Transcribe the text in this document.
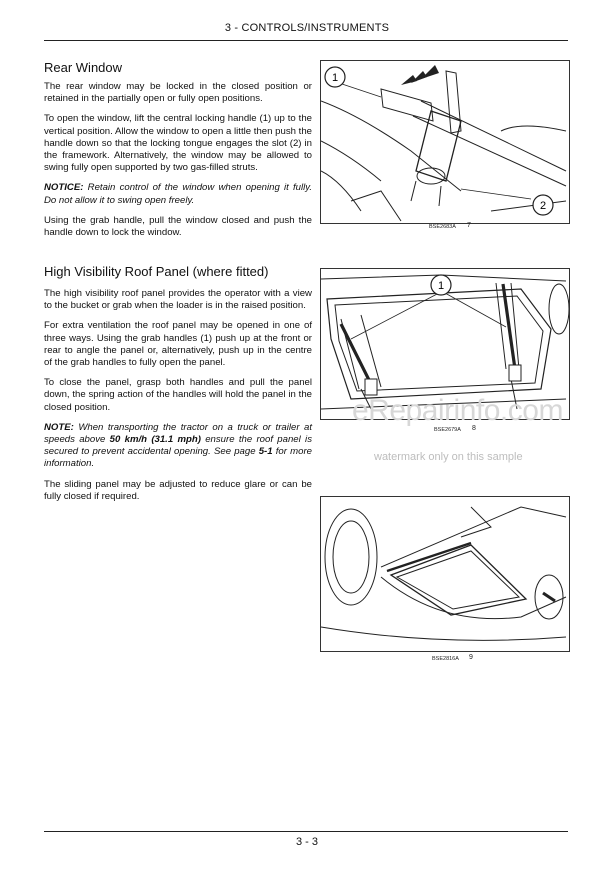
3 - CONTROLS/INSTRUMENTS
Rear Window

The rear window may be locked in the closed position or retained in the partially open or fully open positions.

To open the window, lift the central locking handle (1) up to the vertical position. Allow the window to open a little then push the handle down so that the locking tongue engages the slot (2) in the framework. Alternatively, the window may be allowed to swing fully open supported by two gas-filled struts.

NOTICE: Retain control of the window when opening it fully. Do not allow it to swing open freely.

Using the grab handle, pull the window closed and push the handle down to lock the window.

High Visibility Roof Panel (where fitted)

The high visibility roof panel provides the operator with a view to the bucket or grab when the loader is in the raised position.

For extra ventilation the roof panel may be opened in one of three ways. Using the grab handles (1) push up at the front or rear to angle the panel or, alternatively, push up in the centre of the grab handles to fully open the panel.

To close the panel, grasp both handles and pull the panel down, the spring action of the handles will hold the panel in the closed position.

NOTE: When transporting the tractor on a truck or trailer at speeds above 50 km/h (31.1 mph) ensure the roof panel is secured to prevent accidental opening. See page 5-1 for more information.

The sliding panel may be adjusted to reduce glare or can be fully closed if required.

1
2
BSE2683A 7
1
BSE2679A 8
BSE2816A 9
eRepairinfo.com
watermark only on this sample
3 - 3
